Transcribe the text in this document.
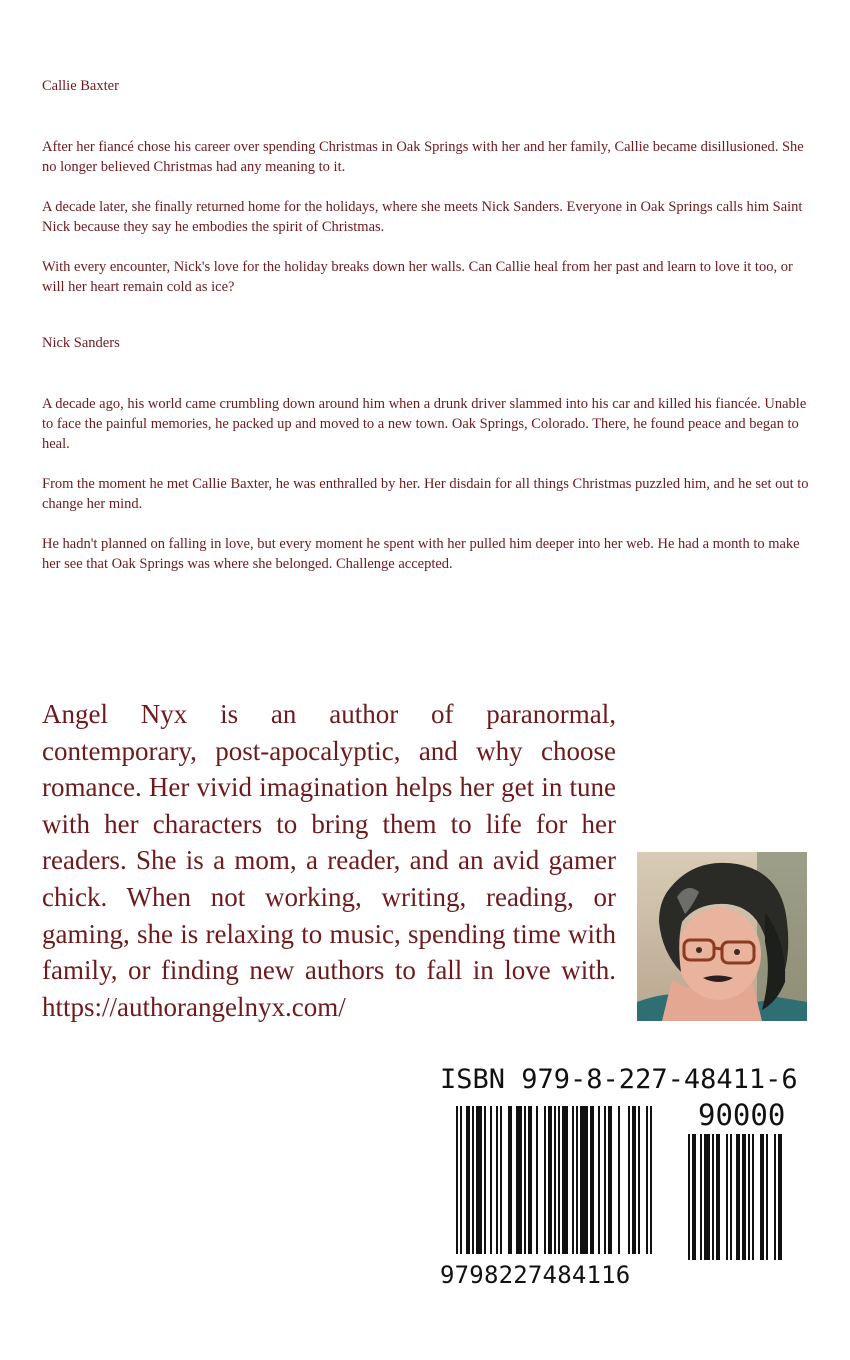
Callie Baxter

After her fiancé chose his career over spending Christmas in Oak Springs with her and her family, Callie became disillusioned. She no longer believed Christmas had any meaning to it.

A decade later, she finally returned home for the holidays, where she meets Nick Sanders. Everyone in Oak Springs calls him Saint Nick because they say he embodies the spirit of Christmas.

With every encounter, Nick's love for the holiday breaks down her walls. Can Callie heal from her past and learn to love it too, or will her heart remain cold as ice?

Nick Sanders

A decade ago, his world came crumbling down around him when a drunk driver slammed into his car and killed his fiancée. Unable to face the painful memories, he packed up and moved to a new town. Oak Springs, Colorado. There, he found peace and began to heal.

From the moment he met Callie Baxter, he was enthralled by her. Her disdain for all things Christmas puzzled him, and he set out to change her mind.

He hadn't planned on falling in love, but every moment he spent with her pulled him deeper into her web. He had a month to make her see that Oak Springs was where she belonged. Challenge accepted.

Angel Nyx is an author of paranormal, contemporary, post-apocalyptic, and why choose romance. Her vivid imagination helps her get in tune with her characters to bring them to life for her readers. She is a mom, a reader, and an avid gamer chick. When not working, writing, reading, or gaming, she is relaxing to music, spending time with family, or finding new authors to fall in love with. https://authorangelnyx.com/

ISBN 979-8-227-48411-6
90000
9798227484116
